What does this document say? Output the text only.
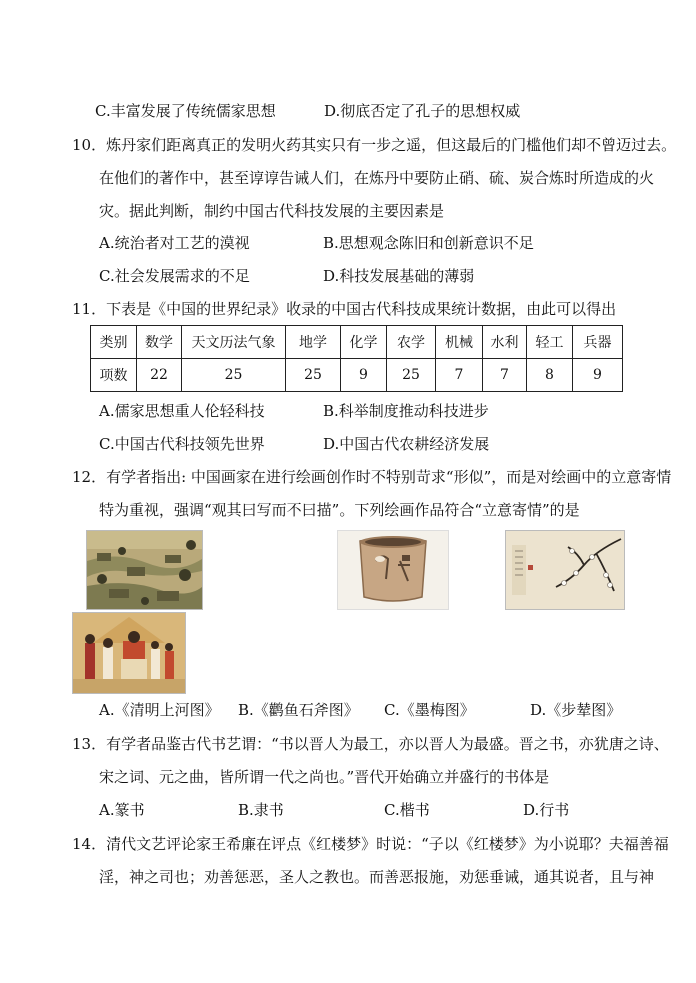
C.丰富发展了传统儒家思想	D.彻底否定了孔子的思想权威
10．炼丹家们距离真正的发明火药其实只有一步之遥，但这最后的门槛他们却不曾迈过去。
在他们的著作中，甚至谆谆告诫人们，在炼丹中要防止硝、硫、炭合炼时所造成的火
灾。据此判断，制约中国古代科技发展的主要因素是
A.统治者对工艺的漠视	B.思想观念陈旧和创新意识不足
C.社会发展需求的不足	D.科技发展基础的薄弱
11．下表是《中国的世界纪录》收录的中国古代科技成果统计数据，由此可以得出
类别	数学	天文历法气象	地学	化学	农学	机械	水利	轻工	兵器
项数	22	25	25	9	25	7	7	8	9
A.儒家思想重人伦轻科技	B.科举制度推动科技进步
C.中国古代科技领先世界	D.中国古代农耕经济发展
12．有学者指出: 中国画家在进行绘画创作时不特别苛求“形似”，而是对绘画中的立意寄情
特为重视，强调“观其曰写而不曰描”。下列绘画作品符合“立意寄情”的是
A.《清明上河图》 B.《鹳鱼石斧图》 C.《墨梅图》	D.《步辇图》
13．有学者品鉴古代书艺谓：“书以晋人为最工，亦以晋人为最盛。晋之书，亦犹唐之诗、
宋之词、元之曲，皆所谓一代之尚也。”晋代开始确立并盛行的书体是
A.篆书	B.隶书	C.楷书	D.行书
14．清代文艺评论家王希廉在评点《红楼梦》时说：“子以《红楼梦》为小说耶？夫福善福
淫，神之司也；劝善惩恶，圣人之教也。而善恶报施，劝惩垂诫，通其说者，且与神
